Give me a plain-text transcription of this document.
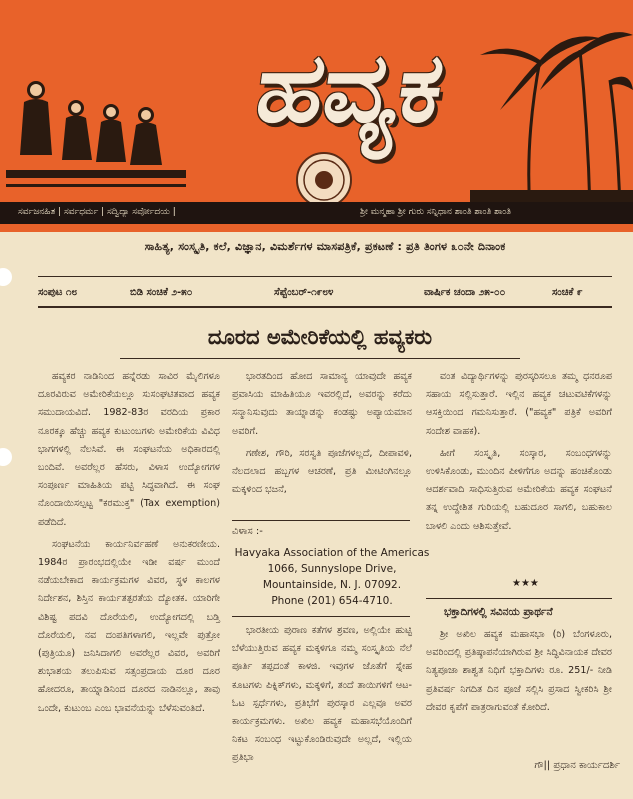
ಹವ್ಯಕ
ಸರ್ವಜನಹಿತ | ಸರ್ವಧರ್ಮ | ಸದ್ವಿದ್ಯಾ ಸರ್ವೋದಯ |	ಶ್ರೀ ಮನ್ಮಹಾ ಶ್ರೀ ಗುರು ಸನ್ನಿಧಾನ ಶಾಂತಿ ಶಾಂತಿ ಶಾಂತಿ
ಸಾಹಿತ್ಯ, ಸಂಸ್ಕೃತಿ, ಕಲೆ, ವಿಜ್ಞಾನ, ವಿಮರ್ಶೆಗಳ ಮಾಸಪತ್ರಿಕೆ, ಪ್ರಕಟಣೆ : ಪ್ರತಿ ತಿಂಗಳ ೩೦ನೇ ದಿನಾಂಕ
ಸಂಪುಟ ೧೮	ಬಿಡಿ ಸಂಚಿಕೆ ೨-೫೦	ಸೆಪ್ಟೆಂಬರ್-೧೯೮೪	ವಾರ್ಷಿಕ ಚಂದಾ ೨೫-೦೦	ಸಂಚಿಕೆ ೯
ದೂರದ ಅಮೇರಿಕೆಯಲ್ಲಿ ಹವ್ಯಕರು

ಹವ್ಯಕರ ನಾಡಿನಿಂದ ಹನ್ನೆರಡು ಸಾವಿರ ಮೈಲಿಗಳೂ ದೂರವಿರುವ ಅಮೇರಿಕೆಯಲ್ಲೂ ಸುಸಂಘಟಿತವಾದ ಹವ್ಯಕ ಸಮುದಾಯವಿದೆ. 1982-83ರ ವರದಿಯ ಪ್ರಕಾರ ನೂರಕ್ಕೂ ಹೆಚ್ಚು ಹವ್ಯಕ ಕುಟುಂಬಗಳು ಅಮೇರಿಕೆಯ ವಿವಿಧ ಭಾಗಗಳಲ್ಲಿ ನೆಲಸಿವೆ. ಈ ಸಂಘಟನೆಯ ಅಧಿಕಾರದಲ್ಲಿ ಬಂದಿವೆ. ಅವರೆಲ್ಲರ ಹೆಸರು, ವಿಳಾಸ ಉದ್ಯೋಗಗಳ ಸಂಪೂರ್ಣ ಮಾಹಿತಿಯ ಪಟ್ಟಿ ಸಿದ್ಧವಾಗಿದೆ. ಈ ಸಂಘ ನೊಂದಾಯಿಸಲ್ಪಟ್ಟ "ಕರಮುಕ್ತ" (Tax exemption) ಪಡೆದಿದೆ.

ಸಂಘಟನೆಯ ಕಾರ್ಯನಿರ್ವಹಣೆ ಅನುಕರಣೀಯ. 1984ರ ಪ್ರಾರಂಭದಲ್ಲಿಯೇ ಇಡೀ ವರ್ಷ ಮುಂದೆ ನಡೆಯಬೇಕಾದ ಕಾರ್ಯಕ್ರಮಗಳ ವಿವರ, ಸ್ಥಳ ಕಾಲಗಳ ನಿರ್ದೇಶನ, ಶಿಸ್ತಿನ ಕಾರ್ಯತತ್ಪರತೆಯ ದ್ಯೋತಕ. ಯಾರಿಗೇ ವಿಶಿಷ್ಟ ಪದವಿ ದೊರೆಯಲಿ, ಉದ್ಯೋಗದಲ್ಲಿ ಬಡ್ತಿ ದೊರೆಯಲಿ, ನವ ದಂಪತಿಗಳಾಗಲಿ, ಇಲ್ಲವೇ ಪುತ್ರೋ (ಪುತ್ರಿಯೂ) ಜನಿಸಿದಾಗಲಿ ಅವರೆಲ್ಲರ ವಿವರ, ಅವರಿಗೆ ಶುಭಾಶಯ ತಲುಪಿಸುವ ಸತ್ಸಂಪ್ರದಾಯ ದೂರ ದೂರ ಹೋದರೂ, ತಾಯ್ನಾಡಿನಿಂದ ದೂರದ ನಾಡಿನಲ್ಲೂ, ತಾವು ಒಂದೇ, ಕುಟುಂಬ ಎಂಬ ಭಾವನೆಯನ್ನು ಬೆಳೆಸುವಂತಿದೆ.

ಭಾರತದಿಂದ ಹೋದ ಸಾಮಾನ್ಯ ಯಾವುದೇ ಹವ್ಯಕ ಪ್ರವಾಸಿಯ ಮಾಹಿತಿಯೂ ಇವರಲ್ಲಿದೆ, ಅವರನ್ನು ಕರೆದು ಸನ್ಮಾನಿಸುವುದು ತಾಯ್ನಾಡನ್ನು ಕಂಡಷ್ಟು ಅಪ್ಯಾಯಮಾನ ಅವರಿಗೆ.

ಗಣೇಶ, ಗೌರಿ, ಸರಸ್ವತಿ ಪೂಜೆಗಳಲ್ಲದೆ, ದೀಪಾವಳಿ, ನೆಲದಲಾದ ಹಬ್ಬಗಳ ಆಚರಣೆ, ಪ್ರತಿ ಮೀಟಿಂಗಿನಲ್ಲೂ ಮಕ್ಕಳಿಂದ ಭಜನೆ,

ವಿಳಾಸ :-
Havyaka Association of the Americas
1066, Sunnyslope Drive,
Mountainside, N. J. 07092.
Phone (201) 654-4710.

ಭಾರತೀಯ ಪುರಾಣ ಕತೆಗಳ ಶ್ರವಣ, ಅಲ್ಲಿಯೇ ಹುಟ್ಟಿ ಬೆಳೆಯುತ್ತಿರುವ ಹವ್ಯಕ ಮಕ್ಕಳಿಗೂ ನಮ್ಮ ಸಂಸ್ಕೃತಿಯ ನೆಲೆ ಪೂರ್ತಿ ತಪ್ಪದಂತೆ ಕಾಳಜಿ. ಇವುಗಳ ಜೊತೆಗೆ ಸ್ನೇಹ ಕೂಟಗಳು ಪಿಕ್ನಿಕ್‌ಗಳು, ಮಕ್ಕಳಿಗೆ, ತಂದೆ ತಾಯಿಗಳಿಗೆ ಆಟ-ಓಟ ಸ್ಪರ್ಧೆಗಳು, ಪ್ರತಿಭೆಗೆ ಪುರಸ್ಕಾರ ಎಲ್ಲವೂ ಅವರ ಕಾರ್ಯಕ್ರಮಗಳು. ಅಖಿಲ ಹವ್ಯಕ ಮಹಾಸಭೆಯೊಂದಿಗೆ ನಿಕಟ ಸಂಬಂಧ ಇಟ್ಟುಕೊಂಡಿರುವುದೇ ಅಲ್ಲದೆ, ಇಲ್ಲಿಯ ಪ್ರತಿಭಾ

ವಂತ ವಿದ್ಯಾರ್ಥಿಗಳನ್ನು ಪುರಸ್ಕರಿಸಲೂ ತಮ್ಮ ಧನರೂಪ ಸಹಾಯ ಸಲ್ಲಿಸುತ್ತಾರೆ. ಇಲ್ಲಿನ ಹವ್ಯಕ ಚಟುವಟಿಕೆಗಳನ್ನು ಆಸಕ್ತಿಯಿಂದ ಗಮನಿಸುತ್ತಾರೆ. ("ಹವ್ಯಕ" ಪತ್ರಿಕೆ ಅವರಿಗೆ ಸಂದೇಶ ವಾಹಕ).

ಹೀಗೆ ಸಂಸ್ಕೃತಿ, ಸಂಸ್ಕಾರ, ಸಂಬಂಧಗಳನ್ನು ಉಳಿಸಿಕೊಂಡು, ಮುಂದಿನ ಪೀಳಿಗೆಗೂ ಅದನ್ನು ಹಂಚಿಕೊಂಡು ಆದರ್ಶವಾದಿ ಸಾಧಿಸುತ್ತಿರುವ ಅಮೇರಿಕೆಯ ಹವ್ಯಕ ಸಂಘಟನೆ ತನ್ನ ಉದ್ದೇಶಿತ ಗುರಿಯಲ್ಲಿ ಬಹುದೂರ ಸಾಗಲಿ, ಬಹುಕಾಲ ಬಾಳಲಿ ಎಂದು ಆಶಿಸುತ್ತೇವೆ.

★★★
ಭಕ್ತಾದಿಗಳಲ್ಲಿ ಸವಿನಯ ಪ್ರಾರ್ಥನೆ

ಶ್ರೀ ಅಖಿಲ ಹವ್ಯಕ ಮಹಾಸಭಾ (ರಿ) ಬೆಂಗಳೂರು, ಅವರಿಂದಲ್ಲಿ ಪ್ರತಿಷ್ಠಾಪನೆಯಾಗಿರುವ ಶ್ರೀ ಸಿದ್ಧಿವಿನಾಯಕ ದೇವರ ನಿತ್ಯಪೂಜಾ ಶಾಶ್ವತ ನಿಧಿಗೆ ಭಕ್ತಾದಿಗಳು ರೂ. 251/- ನೀಡಿ ಪ್ರತಿವರ್ಷ ನಿಗದಿತ ದಿನ ಪೂಜೆ ಸಲ್ಲಿಸಿ ಪ್ರಸಾದ ಸ್ವೀಕರಿಸಿ ಶ್ರೀ ದೇವರ ಕೃಪೆಗೆ ಪಾತ್ರರಾಗುವಂತೆ ಕೋರಿದೆ.

ಗೌ|| ಪ್ರಧಾನ ಕಾರ್ಯದರ್ಶಿ
